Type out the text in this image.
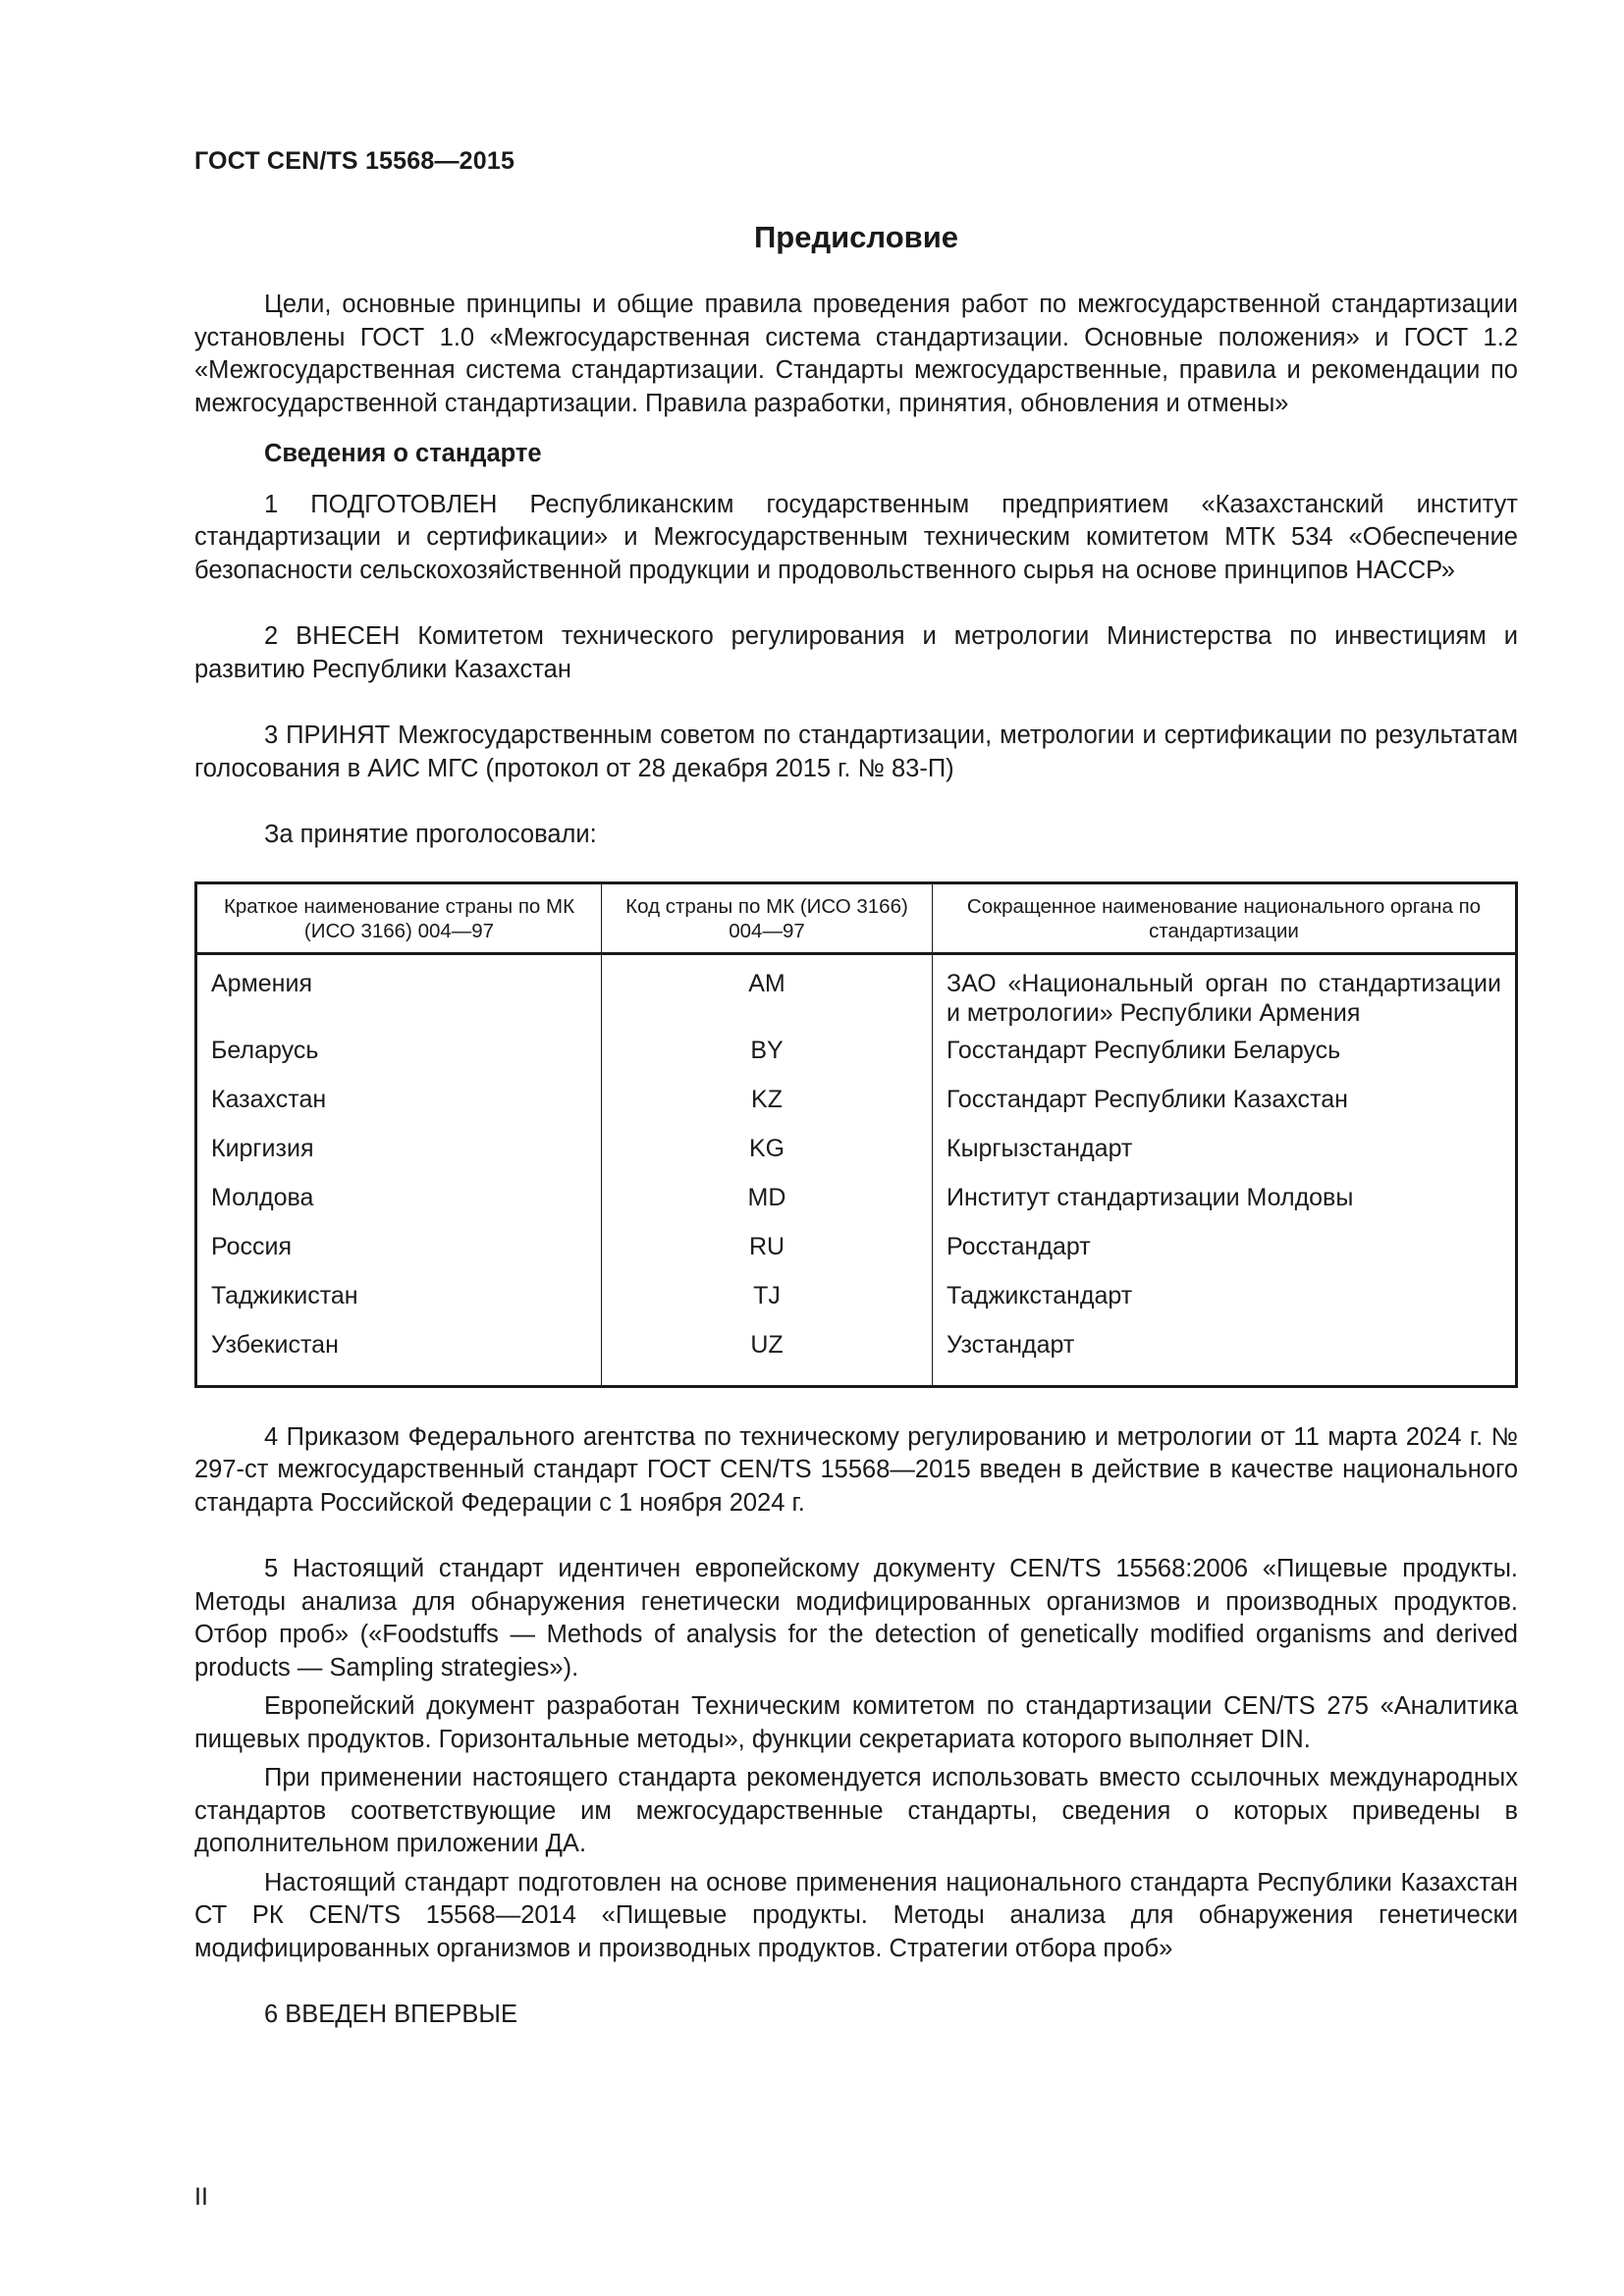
ГОСТ CEN/TS 15568—2015
Предисловие

Цели, основные принципы и общие правила проведения работ по межгосударственной стандартизации установлены ГОСТ 1.0 «Межгосударственная система стандартизации. Основные положения» и ГОСТ 1.2 «Межгосударственная система стандартизации. Стандарты межгосударственные, правила и рекомендации по межгосударственной стандартизации. Правила разработки, принятия, обновления и отмены»

Сведения о стандарте

1 ПОДГОТОВЛЕН Республиканским государственным предприятием «Казахстанский институт стандартизации и сертификации» и Межгосударственным техническим комитетом МТК 534 «Обеспечение безопасности сельскохозяйственной продукции и продовольственного сырья на основе принципов НАССР»

2 ВНЕСЕН Комитетом технического регулирования и метрологии Министерства по инвестициям и развитию Республики Казахстан

3 ПРИНЯТ Межгосударственным советом по стандартизации, метрологии и сертификации по результатам голосования в АИС МГС (протокол от 28 декабря 2015 г. № 83-П)

За принятие проголосовали:

Краткое наименование страны по МК (ИСО 3166) 004—97	Код страны по МК (ИСО 3166) 004—97	Сокращенное наименование национального органа по стандартизации
Армения	AM	ЗАО «Национальный орган по стандартизации и метрологии» Республики Армения
Беларусь	BY	Госстандарт Республики Беларусь
Казахстан	KZ	Госстандарт Республики Казахстан
Киргизия	KG	Кыргызстандарт
Молдова	MD	Институт стандартизации Молдовы
Россия	RU	Росстандарт
Таджикистан	TJ	Таджикстандарт
Узбекистан	UZ	Узстандарт

4 Приказом Федерального агентства по техническому регулированию и метрологии от 11 марта 2024 г. № 297-ст межгосударственный стандарт ГОСТ CEN/TS 15568—2015 введен в действие в качестве национального стандарта Российской Федерации с 1 ноября 2024 г.

5 Настоящий стандарт идентичен европейскому документу CEN/TS 15568:2006 «Пищевые продукты. Методы анализа для обнаружения генетически модифицированных организмов и производных продуктов. Отбор проб» («Foodstuffs — Methods of analysis for the detection of genetically modified organisms and derived products — Sampling strategies»).

Европейский документ разработан Техническим комитетом по стандартизации CEN/TS 275 «Аналитика пищевых продуктов. Горизонтальные методы», функции секретариата которого выполняет DIN.

При применении настоящего стандарта рекомендуется использовать вместо ссылочных международных стандартов соответствующие им межгосударственные стандарты, сведения о которых приведены в дополнительном приложении ДА.

Настоящий стандарт подготовлен на основе применения национального стандарта Республики Казахстан СТ РК CEN/TS 15568—2014 «Пищевые продукты. Методы анализа для обнаружения генетически модифицированных организмов и производных продуктов. Стратегии отбора проб»

6 ВВЕДЕН ВПЕРВЫЕ

II
